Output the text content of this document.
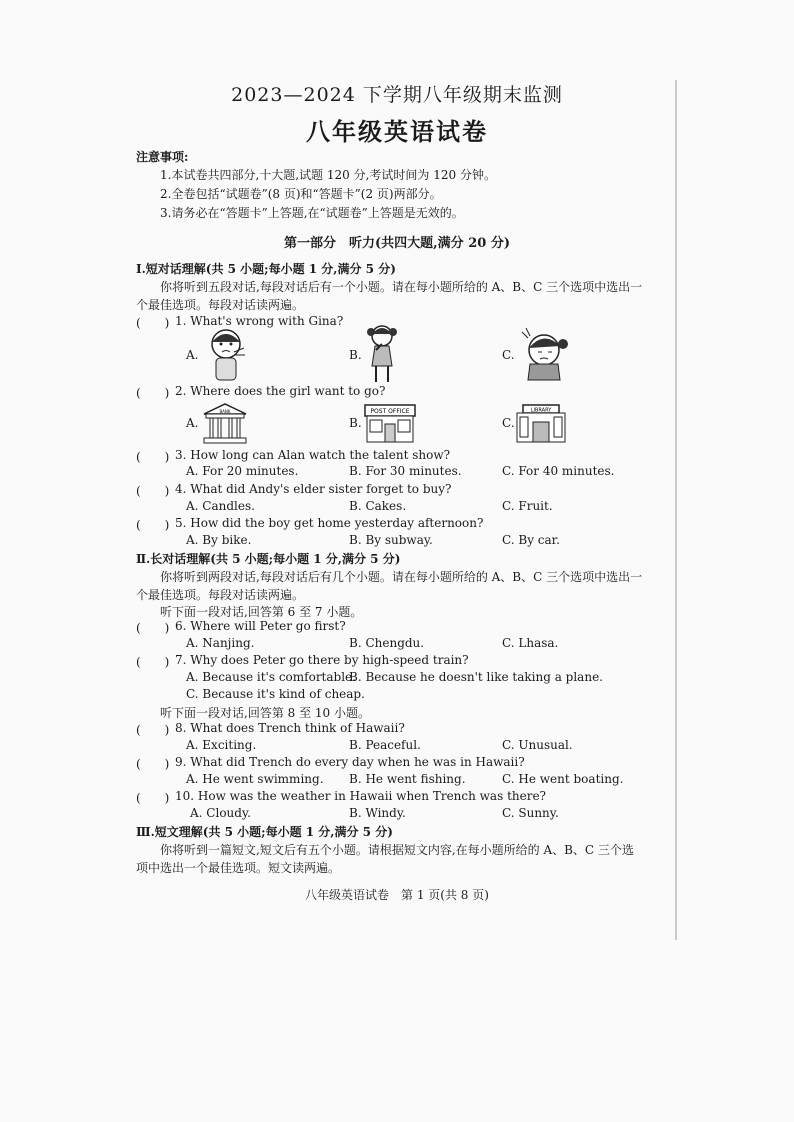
2023—2024 下学期八年级期末监测
八年级英语试卷
注意事项:
1.本试卷共四部分,十大题,试题 120 分,考试时间为 120 分钟。
2.全卷包括“试题卷”(8 页)和“答题卡”(2 页)两部分。
3.请务必在“答题卡”上答题,在“试题卷”上答题是无效的。
第一部分　听力(共四大题,满分 20 分)
Ⅰ.短对话理解(共 5 小题;每小题 1 分,满分 5 分)
你将听到五段对话,每段对话后有一个小题。请在每小题所给的 A、B、C 三个选项中选出一
个最佳选项。每段对话读两遍。
(　　) 1. What's wrong with Gina?
A.	B.	C.
(　　) 2. Where does the girl want to go?
A.	B.	C.
BANK	POST OFFICE	LIBRARY
(　　) 3. How long can Alan watch the talent show?
A. For 20 minutes.	B. For 30 minutes.	C. For 40 minutes.
(　　) 4. What did Andy's elder sister forget to buy?
A. Candles.	B. Cakes.	C. Fruit.
(　　) 5. How did the boy get home yesterday afternoon?
A. By bike.	B. By subway.	C. By car.
Ⅱ.长对话理解(共 5 小题;每小题 1 分,满分 5 分)
你将听到两段对话,每段对话后有几个小题。请在每小题所给的 A、B、C 三个选项中选出一
个最佳选项。每段对话读两遍。
听下面一段对话,回答第 6 至 7 小题。
(　　) 6. Where will Peter go first?
A. Nanjing.	B. Chengdu.	C. Lhasa.
(　　) 7. Why does Peter go there by high-speed train?
A. Because it's comfortable.
B. Because he doesn't like taking a plane.
C. Because it's kind of cheap.
听下面一段对话,回答第 8 至 10 小题。
(　　) 8. What does Trench think of Hawaii?
A. Exciting.	B. Peaceful.	C. Unusual.
(　　) 9. What did Trench do every day when he was in Hawaii?
A. He went swimming. B. He went fishing.	C. He went boating.
(　　) 10. How was the weather in Hawaii when Trench was there?
A. Cloudy.	B. Windy.	C. Sunny.
Ⅲ.短文理解(共 5 小题;每小题 1 分,满分 5 分)
你将听到一篇短文,短文后有五个小题。请根据短文内容,在每小题所给的 A、B、C 三个选
项中选出一个最佳选项。短文读两遍。
八年级英语试卷　第 1 页(共 8 页)
